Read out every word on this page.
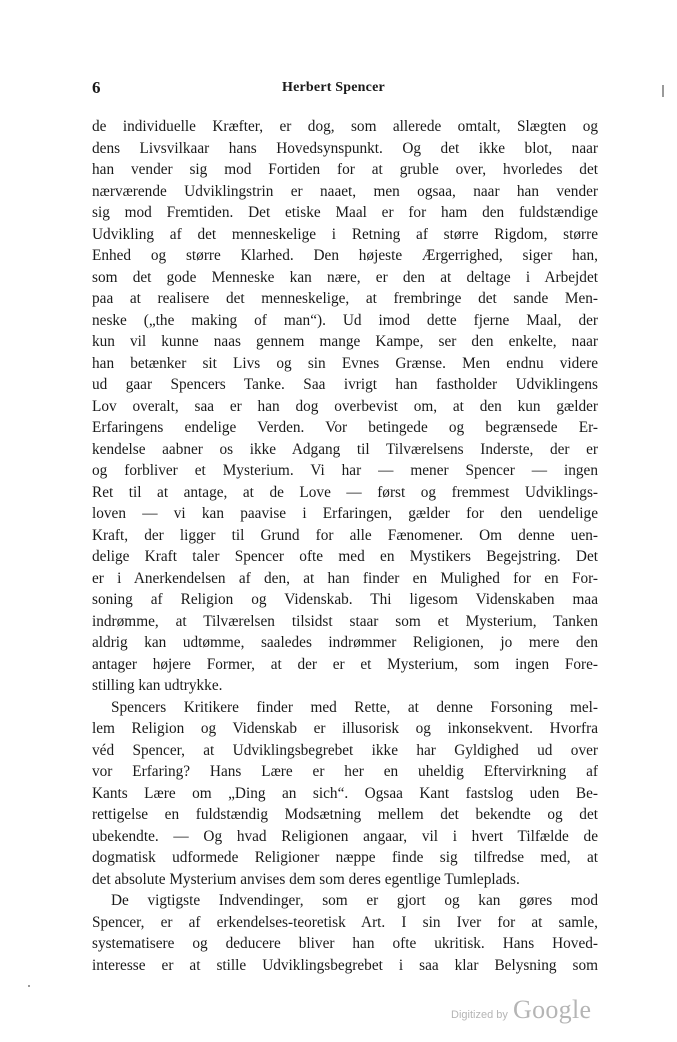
6	Herbert Spencer
de individuelle Kræfter, er dog, som allerede omtalt, Slægten og
dens Livsvilkaar hans Hovedsynspunkt. Og det ikke blot, naar
han vender sig mod Fortiden for at gruble over, hvorledes det
nærværende Udviklingstrin er naaet, men ogsaa, naar han vender
sig mod Fremtiden. Det etiske Maal er for ham den fuldstændige
Udvikling af det menneskelige i Retning af større Rigdom, større
Enhed og større Klarhed. Den højeste Ærgerrighed, siger han,
som det gode Menneske kan nære, er den at deltage i Arbejdet
paa at realisere det menneskelige, at frembringe det sande Men-
neske („the making of man“). Ud imod dette fjerne Maal, der
kun vil kunne naas gennem mange Kampe, ser den enkelte, naar
han betænker sit Livs og sin Evnes Grænse. Men endnu videre
ud gaar Spencers Tanke. Saa ivrigt han fastholder Udviklingens
Lov overalt, saa er han dog overbevist om, at den kun gælder
Erfaringens endelige Verden. Vor betingede og begrænsede Er-
kendelse aabner os ikke Adgang til Tilværelsens Inderste, der er
og forbliver et Mysterium. Vi har — mener Spencer — ingen
Ret til at antage, at de Love — først og fremmest Udviklings-
loven — vi kan paavise i Erfaringen, gælder for den uendelige
Kraft, der ligger til Grund for alle Fænomener. Om denne uen-
delige Kraft taler Spencer ofte med en Mystikers Begejstring. Det
er i Anerkendelsen af den, at han finder en Mulighed for en For-
soning af Religion og Videnskab. Thi ligesom Videnskaben maa
indrømme, at Tilværelsen tilsidst staar som et Mysterium, Tanken
aldrig kan udtømme, saaledes indrømmer Religionen, jo mere den
antager højere Former, at der er et Mysterium, som ingen Fore-
stilling kan udtrykke.
Spencers Kritikere finder med Rette, at denne Forsoning mel-
lem Religion og Videnskab er illusorisk og inkonsekvent. Hvorfra
véd Spencer, at Udviklingsbegrebet ikke har Gyldighed ud over
vor Erfaring? Hans Lære er her en uheldig Eftervirkning af
Kants Lære om „Ding an sich“. Ogsaa Kant fastslog uden Be-
rettigelse en fuldstændig Modsætning mellem det bekendte og det
ubekendte. — Og hvad Religionen angaar, vil i hvert Tilfælde de
dogmatisk udformede Religioner næppe finde sig tilfredse med, at
det absolute Mysterium anvises dem som deres egentlige Tumleplads.
De vigtigste Indvendinger, som er gjort og kan gøres mod
Spencer, er af erkendelses-teoretisk Art. I sin Iver for at samle,
systematisere og deducere bliver han ofte ukritisk. Hans Hoved-
interesse er at stille Udviklingsbegrebet i saa klar Belysning som
Digitized by Google
